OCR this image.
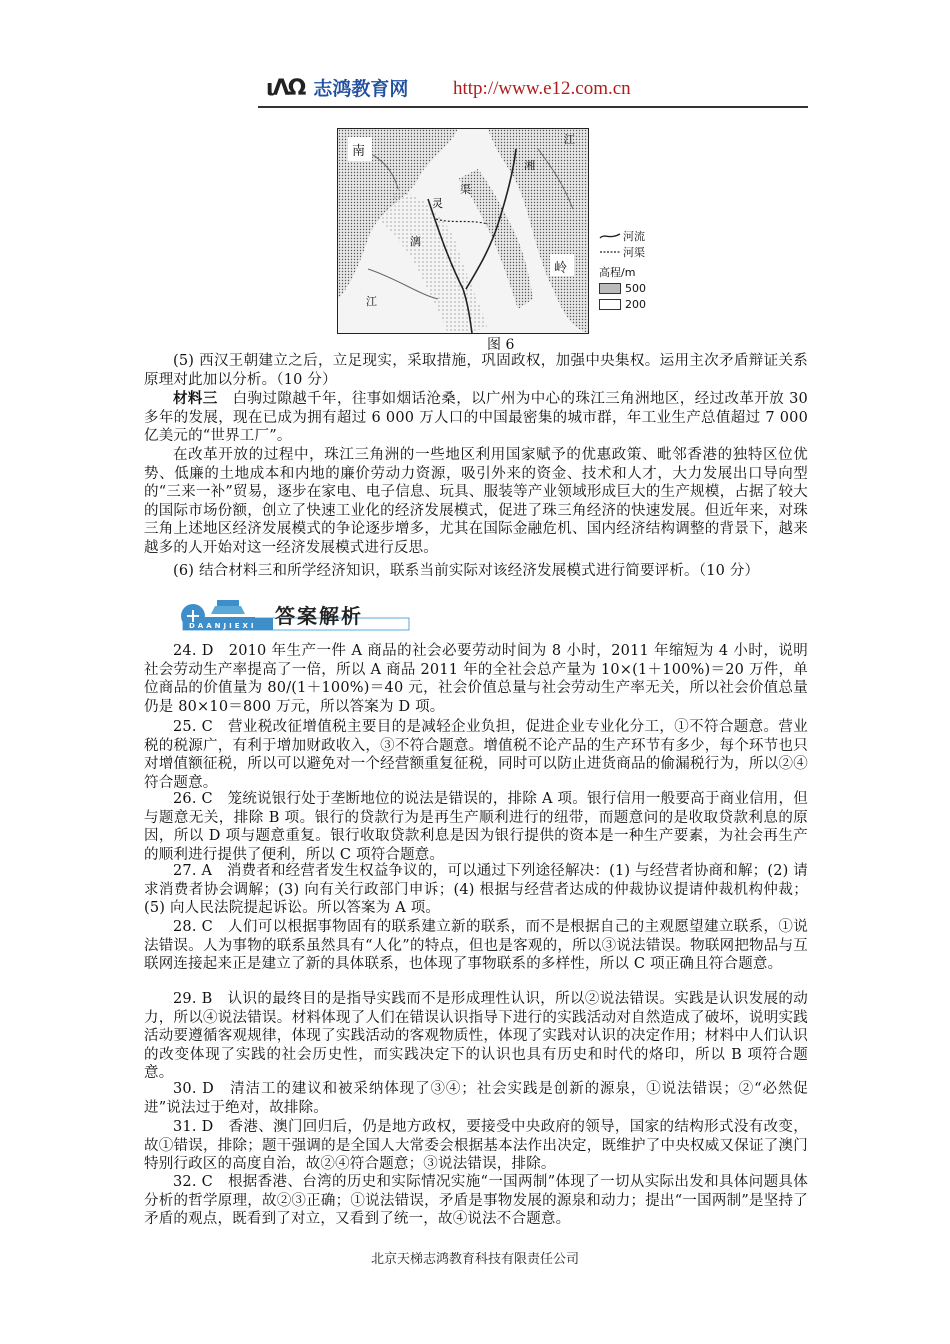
ιΛΩ 志鸿教育网 http://www.e12.com.cn
南
江
湘
渠
灵
漓
岭
江
河流
河渠
高程/m
500
200
图 6
(5) 西汉王朝建立之后，立足现实，采取措施，巩固政权，加强中央集权。运用主次矛盾辩证关系原理对此加以分析。（10 分）
材料三　 白驹过隙越千年，往事如烟话沧桑，以广州为中心的珠江三角洲地区，经过改革开放 30 多年的发展，现在已成为拥有超过 6 000 万人口的中国最密集的城市群，年工业生产总值超过 7 000 亿美元的“世界工厂”。
在改革开放的过程中，珠江三角洲的一些地区利用国家赋予的优惠政策、毗邻香港的独特区位优势、低廉的土地成本和内地的廉价劳动力资源，吸引外来的资金、技术和人才，大力发展出口导向型的“三来一补”贸易，逐步在家电、电子信息、玩具、服装等产业领域形成巨大的生产规模，占据了较大的国际市场份额，创立了快速工业化的经济发展模式，促进了珠三角经济的快速发展。但近年来，对珠三角上述地区经济发展模式的争论逐步增多，尤其在国际金融危机、国内经济结构调整的背景下，越来越多的人开始对这一经济发展模式进行反思。
(6) 结合材料三和所学经济知识，联系当前实际对该经济发展模式进行简要评析。（10 分）
答案解析
DAANJIEXI
24. D　2010 年生产一件 A 商品的社会必要劳动时间为 8 小时，2011 年缩短为 4 小时，说明社会劳动生产率提高了一倍，所以 A 商品 2011 年的全社会总产量为 10×(1＋100%)＝20 万件，单位商品的价值量为 80/(1＋100%)＝40 元，社会价值总量与社会劳动生产率无关，所以社会价值总量仍是 80×10＝800 万元，所以答案为 D 项。
25. C　营业税改征增值税主要目的是减轻企业负担，促进企业专业化分工，①不符合题意。营业税的税源广，有利于增加财政收入，③不符合题意。增值税不论产品的生产环节有多少，每个环节也只对增值额征税，所以可以避免对一个经营额重复征税，同时可以防止进货商品的偷漏税行为，所以②④符合题意。
26. C　笼统说银行处于垄断地位的说法是错误的，排除 A 项。银行信用一般要高于商业信用，但与题意无关，排除 B 项。银行的贷款行为是再生产顺利进行的纽带，而题意问的是收取贷款利息的原因，所以 D 项与题意重复。银行收取贷款利息是因为银行提供的资本是一种生产要素，为社会再生产的顺利进行提供了便利，所以 C 项符合题意。
27. A　消费者和经营者发生权益争议的，可以通过下列途径解决：(1) 与经营者协商和解；(2) 请求消费者协会调解；(3) 向有关行政部门申诉；(4) 根据与经营者达成的仲裁协议提请仲裁机构仲裁；(5) 向人民法院提起诉讼。所以答案为 A 项。
28. C　人们可以根据事物固有的联系建立新的联系，而不是根据自己的主观愿望建立联系，①说法错误。人为事物的联系虽然具有“人化”的特点，但也是客观的，所以③说法错误。物联网把物品与互联网连接起来正是建立了新的具体联系，也体现了事物联系的多样性，所以 C 项正确且符合题意。
29. B　认识的最终目的是指导实践而不是形成理性认识，所以②说法错误。实践是认识发展的动力，所以④说法错误。材料体现了人们在错误认识指导下进行的实践活动对自然造成了破坏，说明实践活动要遵循客观规律，体现了实践活动的客观物质性，体现了实践对认识的决定作用；材料中人们认识的改变体现了实践的社会历史性，而实践决定下的认识也具有历史和时代的烙印，所以 B 项符合题意。
30. D　清洁工的建议和被采纳体现了③④；社会实践是创新的源泉，①说法错误；②“必然促进”说法过于绝对，故排除。
31. D　香港、澳门回归后，仍是地方政权，要接受中央政府的领导，国家的结构形式没有改变，故①错误，排除；题干强调的是全国人大常委会根据基本法作出决定，既维护了中央权威又保证了澳门特别行政区的高度自治，故②④符合题意；③说法错误，排除。
32. C　根据香港、台湾的历史和实际情况实施“一国两制”体现了一切从实际出发和具体问题具体分析的哲学原理，故②③正确；①说法错误，矛盾是事物发展的源泉和动力；提出“一国两制”是坚持了矛盾的观点，既看到了对立，又看到了统一，故④说法不合题意。
北京天梯志鸿教育科技有限责任公司
